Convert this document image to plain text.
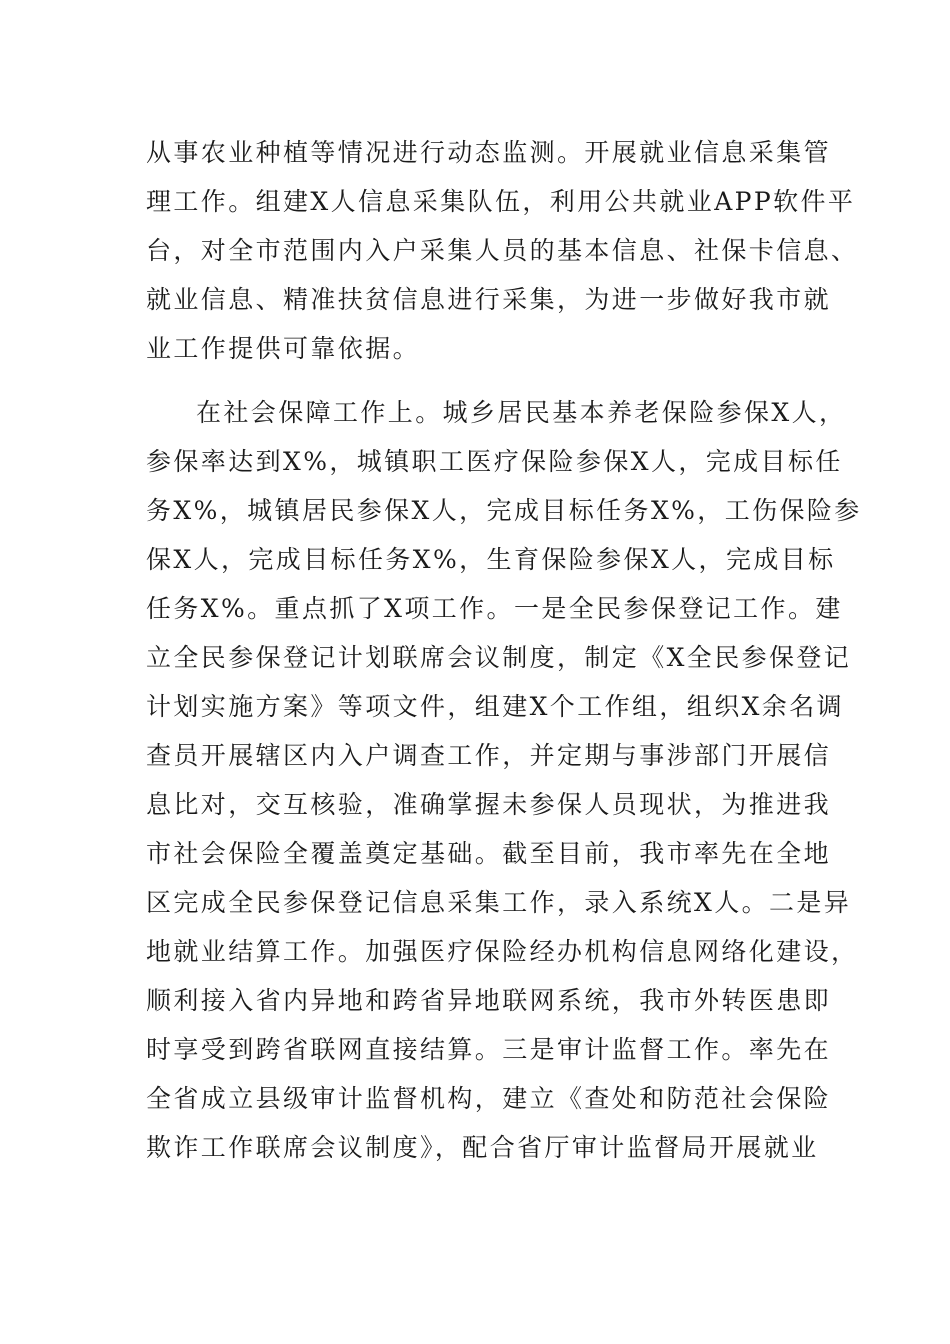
从事农业种植等情况进行动态监测。开展就业信息采集管

理工作。组建X人信息采集队伍，利用公共就业APP软件平

台，对全市范围内入户采集人员的基本信息、社保卡信息、

就业信息、精准扶贫信息进行采集，为进一步做好我市就

业工作提供可靠依据。

在社会保障工作上。城乡居民基本养老保险参保X人，

参保率达到X%，城镇职工医疗保险参保X人，完成目标任

务X%，城镇居民参保X人，完成目标任务X%，工伤保险参

保X人，完成目标任务X%，生育保险参保X人，完成目标

任务X%。重点抓了X项工作。一是全民参保登记工作。建

立全民参保登记计划联席会议制度，制定《X全民参保登记

计划实施方案》等项文件，组建X个工作组，组织X余名调

查员开展辖区内入户调查工作，并定期与事涉部门开展信

息比对，交互核验，准确掌握未参保人员现状，为推进我

市社会保险全覆盖奠定基础。截至目前，我市率先在全地

区完成全民参保登记信息采集工作，录入系统X人。二是异

地就业结算工作。加强医疗保险经办机构信息网络化建设，

顺利接入省内异地和跨省异地联网系统，我市外转医患即

时享受到跨省联网直接结算。三是审计监督工作。率先在

全省成立县级审计监督机构，建立《查处和防范社会保险

欺诈工作联席会议制度》，配合省厅审计监督局开展就业
